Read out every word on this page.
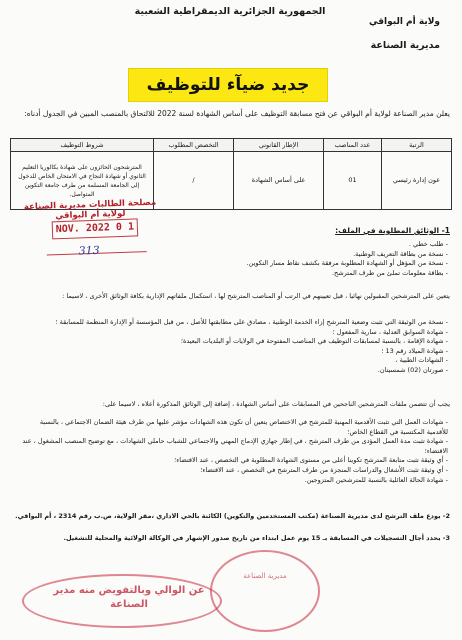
الجمهورية الجزائرية الديمقراطية الشعبية
ولاية أم البواقي
مديرية الصناعة
جديد ضيآء للتوظيف
يعلن مدير الصناعة لولاية أم البواقي عن فتح مسابقة التوظيف على أساس الشهادة لسنة 2022 للالتحاق بالمنصب المبين في الجدول أدناه:
الرتبة	عدد المناصب	الإطار القانوني	التخصص المطلوب	شروط التوظيف
عون إدارة رئيسي	01	على أساس الشهادة	/	المترشحون الحائزون على شهادة بكالوريا التعليم الثانوي أو شهادة النجاح في الامتحان الخاص للدخول إلى الجامعة المسلمة من طرف جامعة التكوين المتواصل.
مصلحة الطالبات مديرية الصناعة لولاية أم البواقي
1 0 NOV. 2022
313
1- الوثائق المطلوبة في الملف:
- طلب خطي .
- نسخة من بطاقة التعريف الوطنية.
- نسخة من المؤهل أو الشهادة المطلوبة مرفقة بكشف نقاط مسار التكوين.
- بطاقة معلومات تملئ من طرف المترشح.
يتعين على المترشحين المقبولين نهائيا ، قبل تعيينهم في الرتب أو المناصب المترشح لها ، استكمال ملفاتهم الإدارية بكافة الوثائق الأخرى ، لاسيما :
- نسخة من الوثيقة التي تثبت وضعية المترشح إزاء الخدمة الوطنية ، مصادق على مطابقتها للأصل ، من قبل المؤسسة أو الإدارة المنظمة للمسابقة ؛
- شهادة السوابق العدلية ، سارية المفعول ؛
- شهادة الإقامة ، بالنسبة لمسابقات التوظيف في المناصب المفتوحة في الولايات أو البلديات البعيدة؛
- شهادة الميلاد رقم 13 ؛
- الشهادات الطبية ،
- صورتان (02) شمسيتان.
يجب أن تتضمن ملفات المترشحين الناجحين في المسابقات على أساس الشهادة ، إضافة إلى الوثائق المذكورة أعلاه ، لاسيما على:
- شهادات العمل التي تثبت الأقدمية المهنية للمترشح في الاختصاص يتعين أن تكون هذه الشهادات مؤشر عليها من طرف هيئة الضمان الاجتماعي ، بالنسبة للأقدمية المكتسبة في القطاع الخاص؛
- شهادة تثبت مدة العمل المؤدى من طرف المترشح ، في إطار جهازي الإدماج المهني والاجتماعي للشباب حاملي الشهادات ، مع توضيح المنصب المشغول ، عند الاقتضاء؛
- أي وثيقة تثبت متابعة المترشح تكوينا أعلى من مستوى الشهادة المطلوبة في التخصص ، عند الاقتضاء؛
- أي وثيقة تثبت الأشغال والدراسات المنجزة من طرف المترشح في التخصص ، عند الاقتضاء؛
- شهادة الحالة العائلية بالنسبة للمترشحين المتزوجين.
2- يودع ملف الترشح لدى مديرية الصناعة (مكتب المستخدمين والتكوين) الكائنة بالحي الاداري ،مقر الولاية، ص.ب رقم 2314 ، أم البواقي.
3- يحدد أجال التسجيلات في المسابقة بـ 15 يوم عمل ابتداء من تاريخ صدور الإشهار في الوكالة الولائية والمحلية للتشغيل.
مديرية الصناعة
عن الوالي وبالتفويض منه مدير الصناعة
